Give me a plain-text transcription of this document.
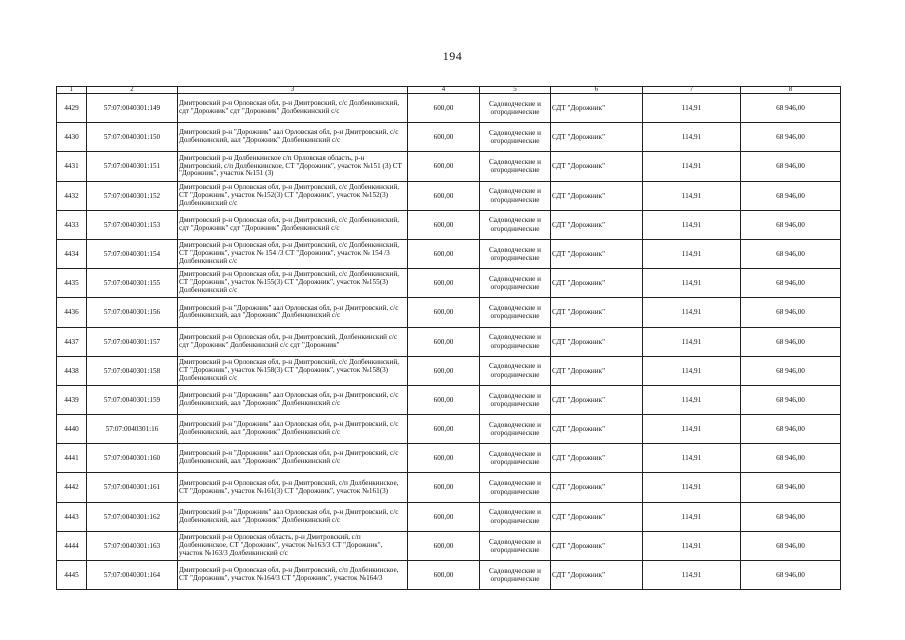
194
1	2	3	4	5	6	7	8
4429	57:07:0040301:149	Дмитровский р-н Орловская обл, р-н Дмитровский, с/с Долбенкинский, сдт "Дорожник" сдт "Дорожник" Долбенкинский с/с	600,00	Садоводческие и огороднические	СДТ "Дорожник"	114,91	68 946,00
4430	57:07:0040301:150	Дмитровский р-н "Дорожник" аал Орловская обл, р-н Дмитровский, с/с Долбенкинский, аал "Дорожник" Долбенкинский с/с	600,00	Садоводческие и огороднические	СДТ "Дорожник"	114,91	68 946,00
4431	57:07:0040301:151	Дмитровский р-н Долбенкинское с/п Орловская область, р-н Дмитровский, с/п Долбенкинское, СТ "Дорожник", участок №151 (3) СТ "Дорожник", участок №151 (3)	600,00	Садоводческие и огороднические	СДТ "Дорожник"	114,91	68 946,00
4432	57:07:0040301:152	Дмитровский р-н Орловская обл, р-н Дмитровский, с/с Долбенкинский, СТ "Дорожник", участок №152(3) СТ "Дорожник", участок №152(3) Долбенкинский с/с	600,00	Садоводческие и огороднические	СДТ "Дорожник"	114,91	68 946,00
4433	57:07:0040301:153	Дмитровский р-н Орловская обл, р-н Дмитровский, с/с Долбенкинский, сдт "Дорожник" сдт "Дорожник" Долбенкинский с/с	600,00	Садоводческие и огороднические	СДТ "Дорожник"	114,91	68 946,00
4434	57:07:0040301:154	Дмитровский р-н Орловская обл, р-н Дмитровский, с/с Долбенкинский, СТ "Дорожник", участок № 154 /3 СТ "Дорожник", участок № 154 /3 Долбенкинский с/с	600,00	Садоводческие и огороднические	СДТ "Дорожник"	114,91	68 946,00
4435	57:07:0040301:155	Дмитровский р-н Орловская обл, р-н Дмитровский, с/с Долбенкинский, СТ "Дорожник", участок №155(3) СТ "Дорожник", участок №155(3) Долбенкинский с/с	600,00	Садоводческие и огороднические	СДТ "Дорожник"	114,91	68 946,00
4436	57:07:0040301:156	Дмитровский р-н "Дорожник" аал Орловская обл, р-н Дмитровский, с/с Долбенкинский, аал "Дорожник" Долбенкинский с/с	600,00	Садоводческие и огороднические	СДТ "Дорожник"	114,91	68 946,00
4437	57:07:0040301:157	Дмитровский р-н Орловская обл, р-н Дмитровский, Долбенкинский с/с сдт "Дорожник" Долбенкинский с/с сдт "Дорожник"	600,00	Садоводческие и огороднические	СДТ "Дорожник"	114,91	68 946,00
4438	57:07:0040301:158	Дмитровский р-н Орловская обл, р-н Дмитровский, с/с Долбенкинский, СТ "Дорожник", участок №158(3) СТ "Дорожник", участок №158(3) Долбенкинский с/с	600,00	Садоводческие и огороднические	СДТ "Дорожник"	114,91	68 946,00
4439	57:07:0040301:159	Дмитровский р-н "Дорожник" аал Орловская обл, р-н Дмитровский, с/с Долбенкинский, аал "Дорожник" Долбенкинский с/с	600,00	Садоводческие и огороднические	СДТ "Дорожник"	114,91	68 946,00
4440	57:07:0040301:16	Дмитровский р-н "Дорожник" аал Орловская обл, р-н Дмитровский, с/с Долбенкинский, аал "Дорожник" Долбенкинский с/с	600,00	Садоводческие и огороднические	СДТ "Дорожник"	114,91	68 946,00
4441	57:07:0040301:160	Дмитровский р-н "Дорожник" аал Орловская обл, р-н Дмитровский, с/с Долбенкинский, аал "Дорожник" Долбенкинский с/с	600,00	Садоводческие и огороднические	СДТ "Дорожник"	114,91	68 946,00
4442	57:07:0040301:161	Дмитровский р-н Орловская обл, р-н Дмитровский, с/п Долбенкинское, СТ "Дорожник", участок №161(3) СТ "Дорожник", участок №161(3)	600,00	Садоводческие и огороднические	СДТ "Дорожник"	114,91	68 946,00
4443	57:07:0040301:162	Дмитровский р-н "Дорожник" аал Орловская обл, р-н Дмитровский, с/с Долбенкинский, аал "Дорожник" Долбенкинский с/с	600,00	Садоводческие и огороднические	СДТ "Дорожник"	114,91	68 946,00
4444	57:07:0040301:163	Дмитровский р-н Орловская область, р-н Дмитровский, с/п Долбенкинское, СТ "Дорожник", участок №163/3 СТ "Дорожник", участок №163/3 Долбенкинский с/с	600,00	Садоводческие и огороднические	СДТ "Дорожник"	114,91	68 946,00
4445	57:07:0040301:164	Дмитровский р-н Орловская обл, р-н Дмитровский, с/п Долбенкинское, СТ "Дорожник", участок №164/3 СТ "Дорожник", участок №164/3	600,00	Садоводческие и огороднические	СДТ "Дорожник"	114,91	68 946,00
